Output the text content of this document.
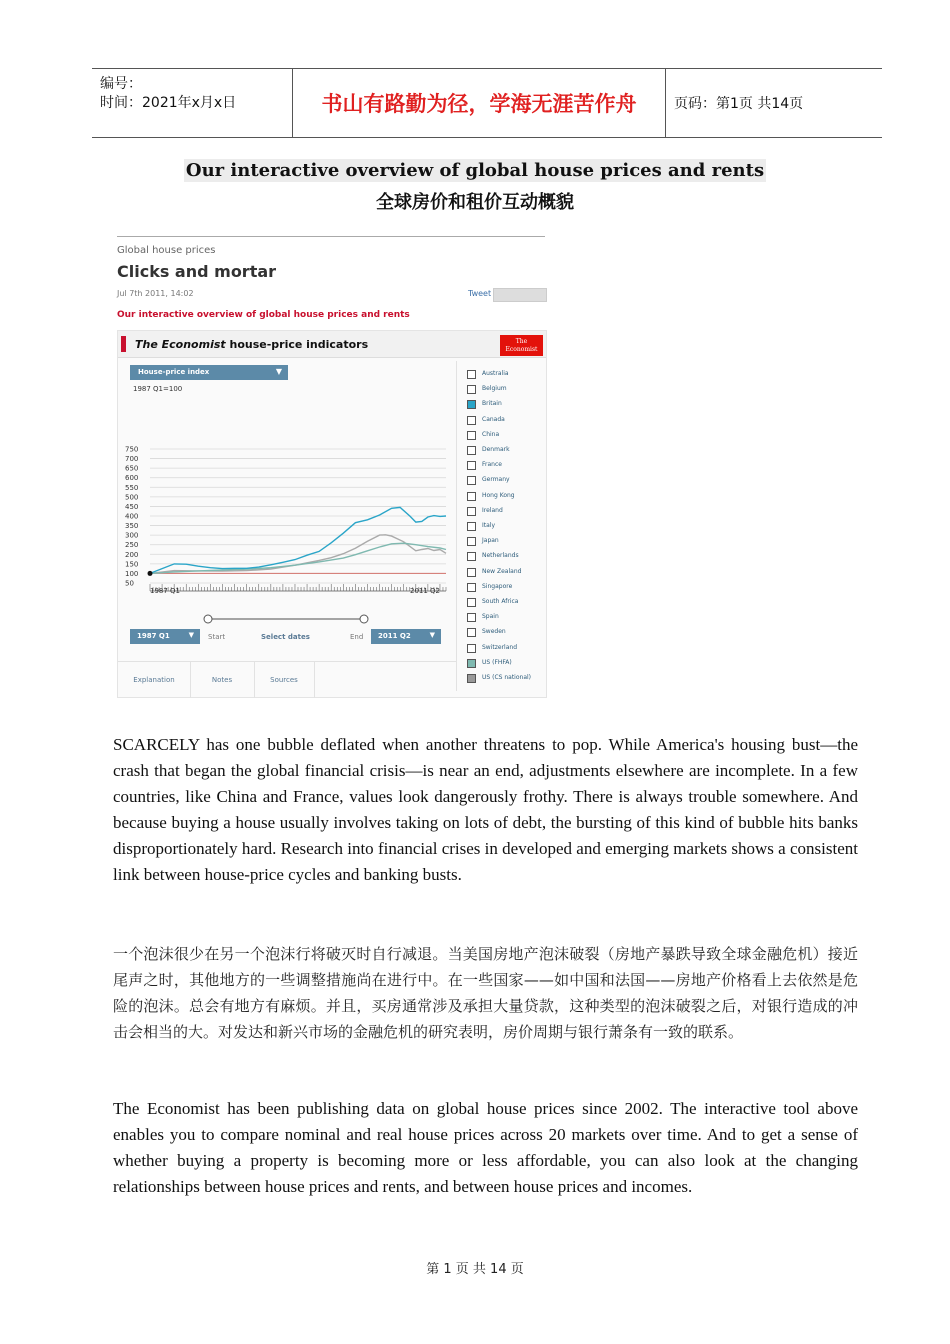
编号：
时间：2021年x月x日	书山有路勤为径，学海无涯苦作舟	页码：第1页 共14页
Our interactive overview of global house prices and rents
全球房价和租价互动概貌
Global house prices
Clicks and mortar
Jul 7th 2011, 14:02	Tweet
Our interactive overview of global house prices and rents
The Economist house-price indicators	The
Economist
House-price index	▼
1987 Q1=100
50
100
150
200
250
300
350
400
450
500
550
600
650
700
750
1987 Q1	2011 Q2
1987 Q1	▼ Start	Select dates	End 2011 Q2	▼
Explanation	Notes	Sources
Australia
Belgium
Britain
Canada
China
Denmark
France
Germany
Hong Kong
Ireland
Italy
Japan
Netherlands
New Zealand
Singapore
South Africa
Spain
Sweden
Switzerland
US (FHFA)
US (CS national)
SCARCELY has one bubble deflated when another threatens to pop. While America's housing bust—the crash that began the global financial crisis—is near an end, adjustments elsewhere are incomplete. In a few countries, like China and France, values look dangerously frothy. There is always trouble somewhere. And because buying a house usually involves taking on lots of debt, the bursting of this kind of bubble hits banks disproportionately hard. Research into financial crises in developed and emerging markets shows a consistent link between house-price cycles and banking busts.
一个泡沫很少在另一个泡沫行将破灭时自行减退。当美国房地产泡沫破裂（房地产暴跌导致全球金融危机）接近尾声之时，其他地方的一些调整措施尚在进行中。在一些国家——如中国和法国——房地产价格看上去依然是危险的泡沫。总会有地方有麻烦。并且，买房通常涉及承担大量贷款，这种类型的泡沫破裂之后，对银行造成的冲击会相当的大。对发达和新兴市场的金融危机的研究表明，房价周期与银行萧条有一致的联系。
The Economist has been publishing data on global house prices since 2002. The interactive tool above enables you to compare nominal and real house prices across 20 markets over time. And to get a sense of whether buying a property is becoming more or less affordable, you can also look at the changing relationships between house prices and rents, and between house prices and incomes.
第 1 页 共 14 页
